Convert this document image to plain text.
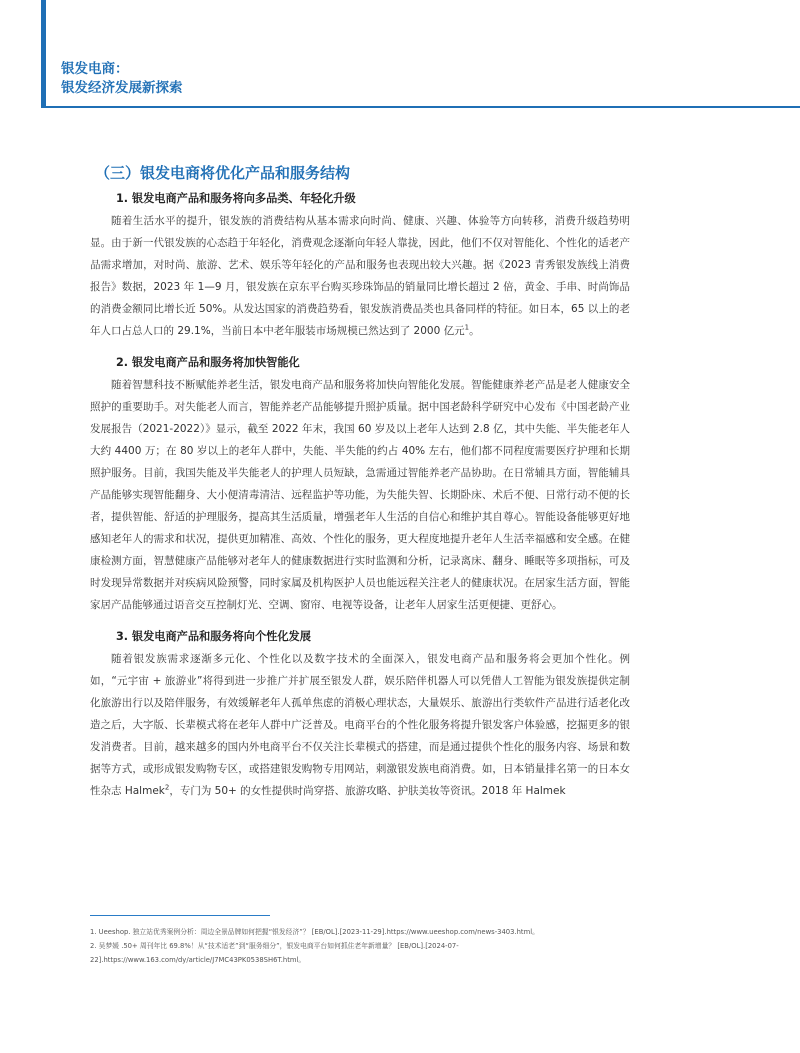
银发电商：
银发经济发展新探索
（三）银发电商将优化产品和服务结构

1. 银发电商产品和服务将向多品类、年轻化升级

随着生活水平的提升，银发族的消费结构从基本需求向时尚、健康、兴趣、体验等方向转移，消费升级趋势明显。由于新一代银发族的心态趋于年轻化，消费观念逐渐向年轻人靠拢，因此，他们不仅对智能化、个性化的适老产品需求增加，对时尚、旅游、艺术、娱乐等年轻化的产品和服务也表现出较大兴趣。据《2023 青秀银发族线上消费报告》数据，2023 年 1—9 月，银发族在京东平台购买珍珠饰品的销量同比增长超过 2 倍，黄金、手串、时尚饰品的消费金额同比增长近 50%。从发达国家的消费趋势看，银发族消费品类也具备同样的特征。如日本，65 以上的老年人口占总人口的 29.1%，当前日本中老年服装市场规模已然达到了 2000 亿元$^1$。

2. 银发电商产品和服务将加快智能化

随着智慧科技不断赋能养老生活，银发电商产品和服务将加快向智能化发展。智能健康养老产品是老人健康安全照护的重要助手。对失能老人而言，智能养老产品能够提升照护质量。据中国老龄科学研究中心发布《中国老龄产业发展报告（2021-2022）》显示，截至 2022 年末，我国 60 岁及以上老年人达到 2.8 亿，其中失能、半失能老年人大约 4400 万；在 80 岁以上的老年人群中，失能、半失能的约占 40% 左右，他们都不同程度需要医疗护理和长期照护服务。目前，我国失能及半失能老人的护理人员短缺，急需通过智能养老产品协助。在日常辅具方面，智能辅具产品能够实现智能翻身、大小便清毒清洁、远程监护等功能，为失能失智、长期卧床、术后不便、日常行动不便的长者，提供智能、舒适的护理服务，提高其生活质量，增强老年人生活的自信心和维护其自尊心。智能设备能够更好地感知老年人的需求和状况，提供更加精准、高效、个性化的服务，更大程度地提升老年人生活幸福感和安全感。在健康检测方面，智慧健康产品能够对老年人的健康数据进行实时监测和分析，记录离床、翻身、睡眠等多项指标，可及时发现异常数据并对疾病风险预警，同时家属及机构医护人员也能远程关注老人的健康状况。在居家生活方面，智能家居产品能够通过语音交互控制灯光、空调、窗帘、电视等设备，让老年人居家生活更便捷、更舒心。

3. 银发电商产品和服务将向个性化发展

随着银发族需求逐渐多元化、个性化以及数字技术的全面深入，银发电商产品和服务将会更加个性化。例如，“元宇宙 + 旅游业”将得到进一步推广并扩展至银发人群，娱乐陪伴机器人可以凭借人工智能为银发族提供定制化旅游出行以及陪伴服务，有效缓解老年人孤单焦虑的消极心理状态，大量娱乐、旅游出行类软件产品进行适老化改造之后，大字版、长辈模式将在老年人群中广泛普及。电商平台的个性化服务将提升银发客户体验感，挖掘更多的银发消费者。目前，越来越多的国内外电商平台不仅关注长辈模式的搭建，而是通过提供个性化的服务内容、场景和数据等方式，或形成银发购物专区，或搭建银发购物专用网站，刺激银发族电商消费。如，日本销量排名第一的日本女性杂志 Halmek$^2$，专门为 50+ 的女性提供时尚穿搭、旅游攻略、护肤美妆等资讯。2018 年 Halmek

1. Ueeshop. 独立站优秀案例分析：周边全景品牌如何把握“银发经济”？ [EB/OL].[2023-11-29].https://www.ueeshop.com/news-3403.html。

2. 吴梦媛 .50+ 周刊年比 69.8%！从“技术适老”到“服务细分”，银发电商平台如何抓住老年新增量？ [EB/OL].[2024-07-22].https://www.163.com/dy/article/J7MC43PK0538SH6T.html。
